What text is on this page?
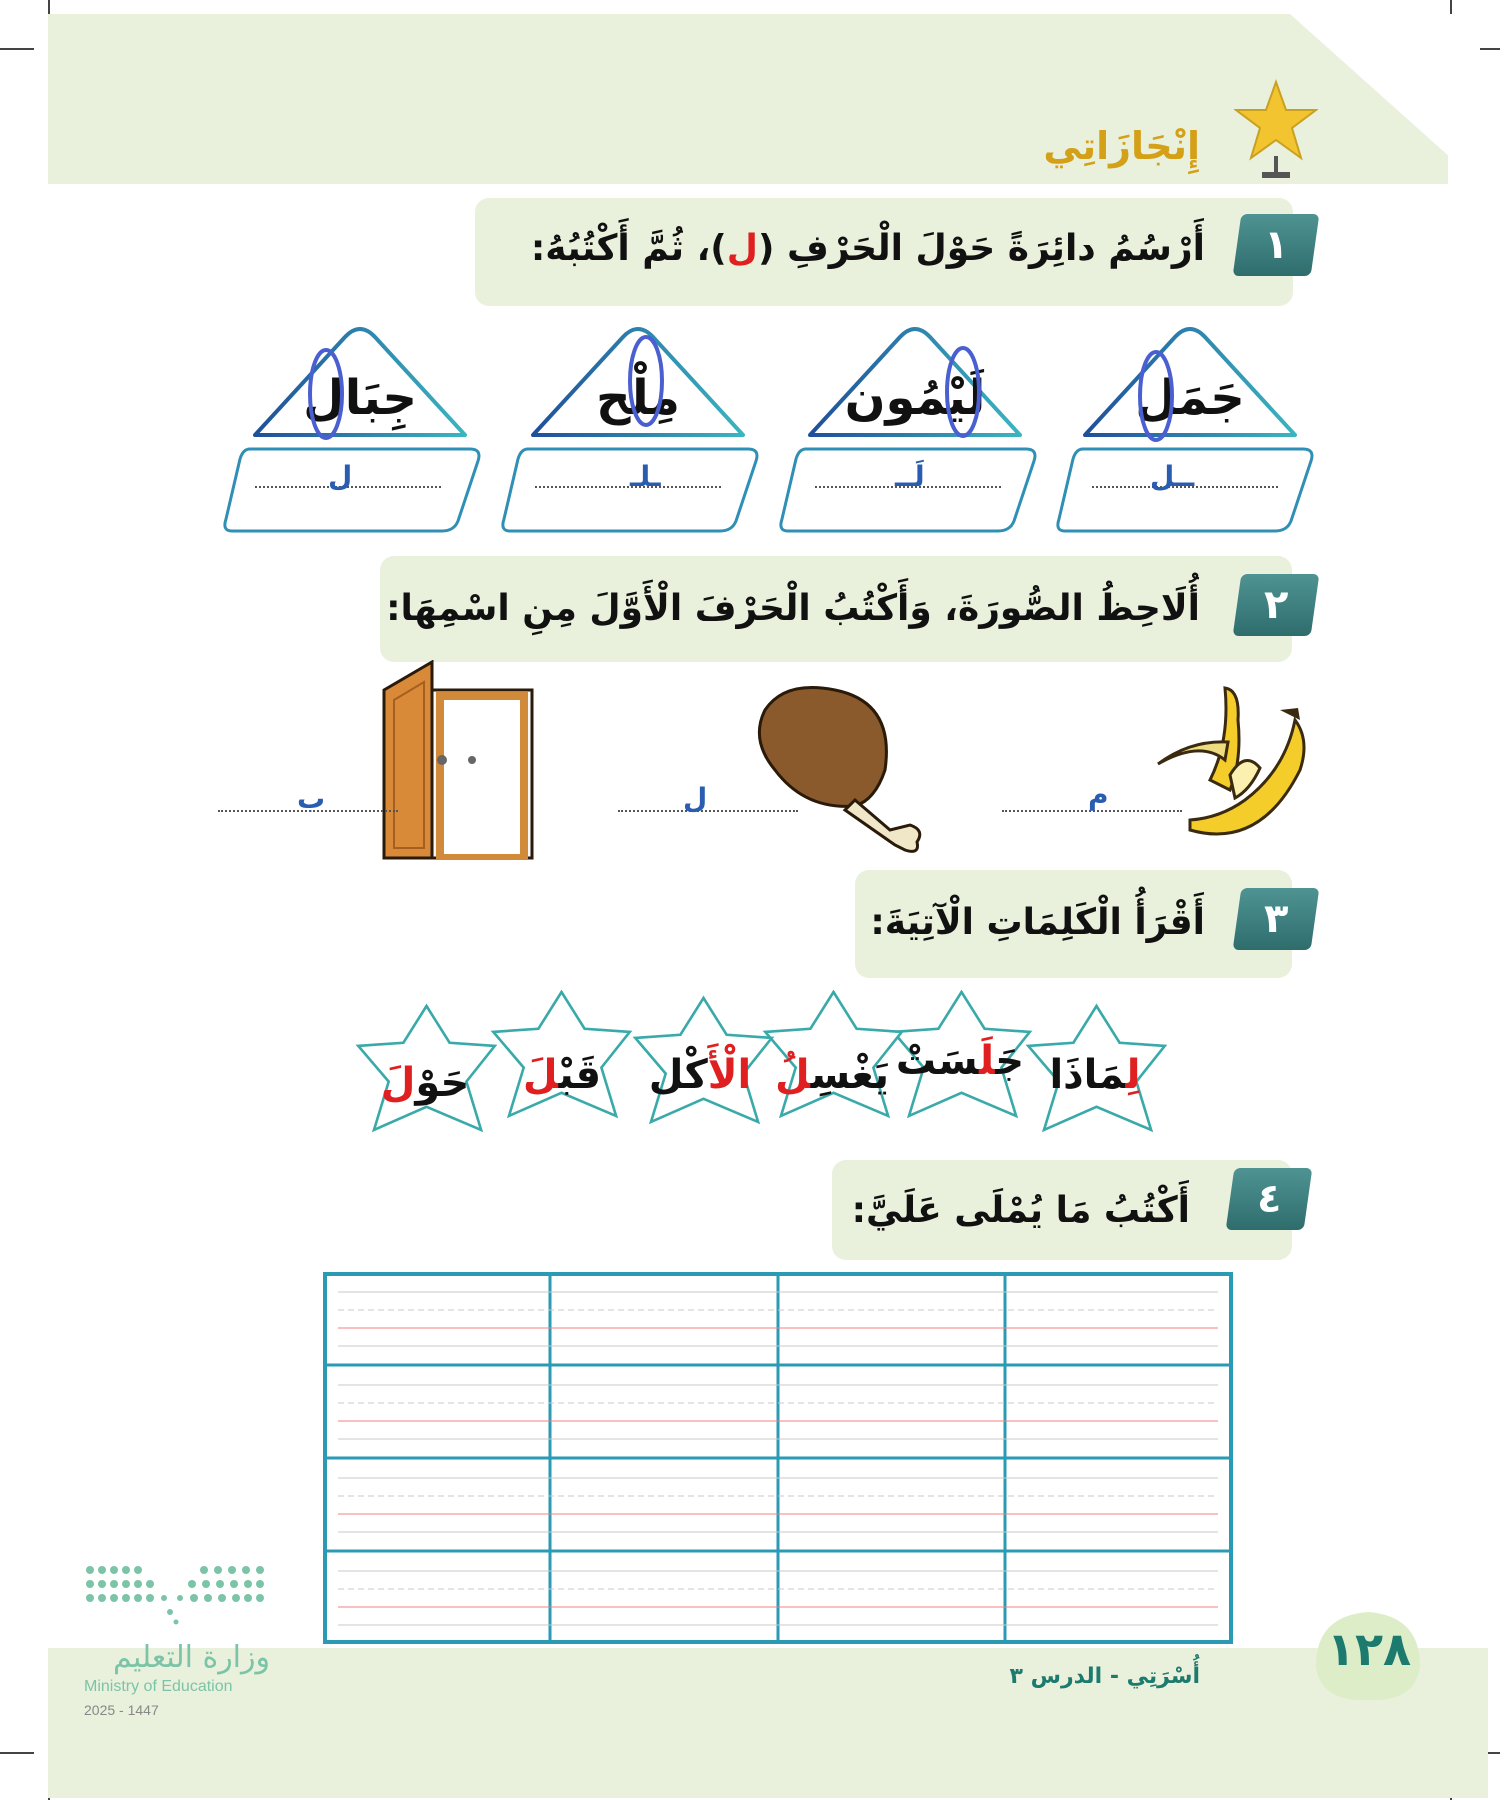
إِنْجَازَاتِي
١
أَرْسُمُ دائِرَةً حَوْلَ الْحَرْفِ (ل)، ثُمَّ أَكْتُبُهُ:
جَمَل
لَيْمُون
مِلْح
جِبَال
ــل
لَــ
ـلـ
ل
٢
أُلَاحِظُ الصُّورَةَ، وَأَكْتُبُ الْحَرْفَ الْأَوَّلَ مِنِ اسْمِهَا:
م
ل
ب
٣
أَقْرَأُ الْكَلِمَاتِ الْآتِيَةَ:
لِمَاذَا
جَلَسَتْ
يَغْسِلُ
الْأَكْل
قَبْلَ
حَوْلَ
٤
أَكْتُبُ مَا يُمْلَى عَلَيَّ:
وزارة التعليم
Ministry of Education
2025 - 1447
أُسْرَتِي - الدرس ٣
١٢٨
